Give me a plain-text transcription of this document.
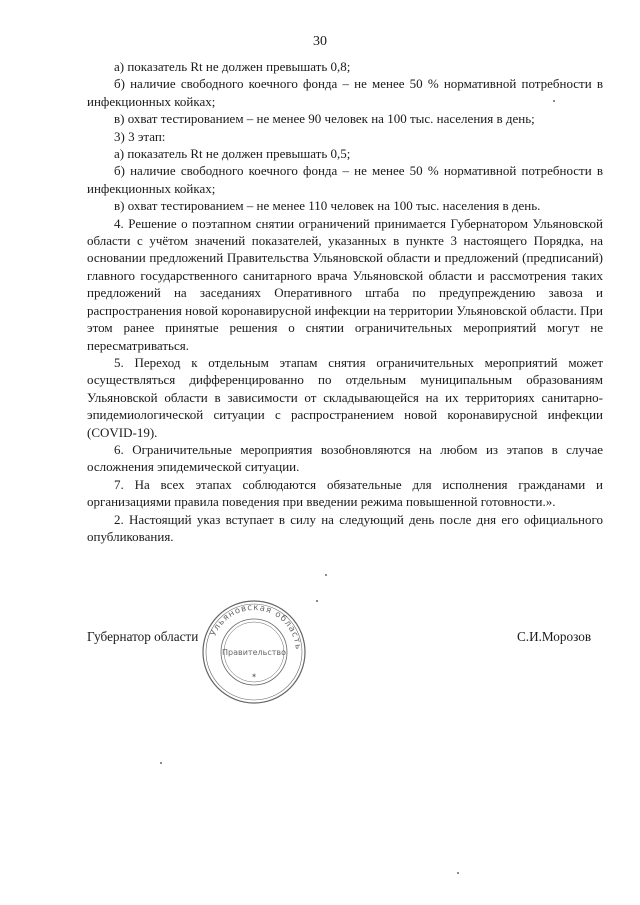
30

а) показатель Rt не должен превышать 0,8;

б) наличие свободного коечного фонда – не менее 50 % нормативной потребности в инфекционных койках;

в) охват тестированием – не менее 90 человек на 100 тыс. населения в день;

3) 3 этап:

а) показатель Rt не должен превышать 0,5;

б) наличие свободного коечного фонда – не менее 50 % нормативной потребности в инфекционных койках;

в) охват тестированием – не менее 110 человек на 100 тыс. населения в день.

4. Решение о поэтапном снятии ограничений принимается Губернатором Ульяновской области с учётом значений показателей, указанных в пункте 3 настоящего Порядка, на основании предложений Правительства Ульяновской области и предложений (предписаний) главного государственного санитарного врача Ульяновской области и рассмотрения таких предложений на заседаниях Оперативного штаба по предупреждению завоза и распространения новой коронавирусной инфекции на территории Ульяновской области. При этом ранее принятые решения о снятии ограничительных мероприятий могут не пересматриваться.

5. Переход к отдельным этапам снятия ограничительных мероприятий может осуществляться дифференцированно по отдельным муниципальным образованиям Ульяновской области в зависимости от складывающейся на их территориях санитарно-эпидемиологической ситуации с распространением новой коронавирусной инфекции (COVID-19).

6. Ограничительные мероприятия возобновляются на любом из этапов в случае осложнения эпидемической ситуации.

7. На всех этапах соблюдаются обязательные для исполнения гражданами и организациями правила поведения при введении режима повышенной готовности.».

2. Настоящий указ вступает в силу на следующий день после дня его официального опубликования.

Губернатор области	С.И.Морозов
Ульяновская область
Правительство
✶
